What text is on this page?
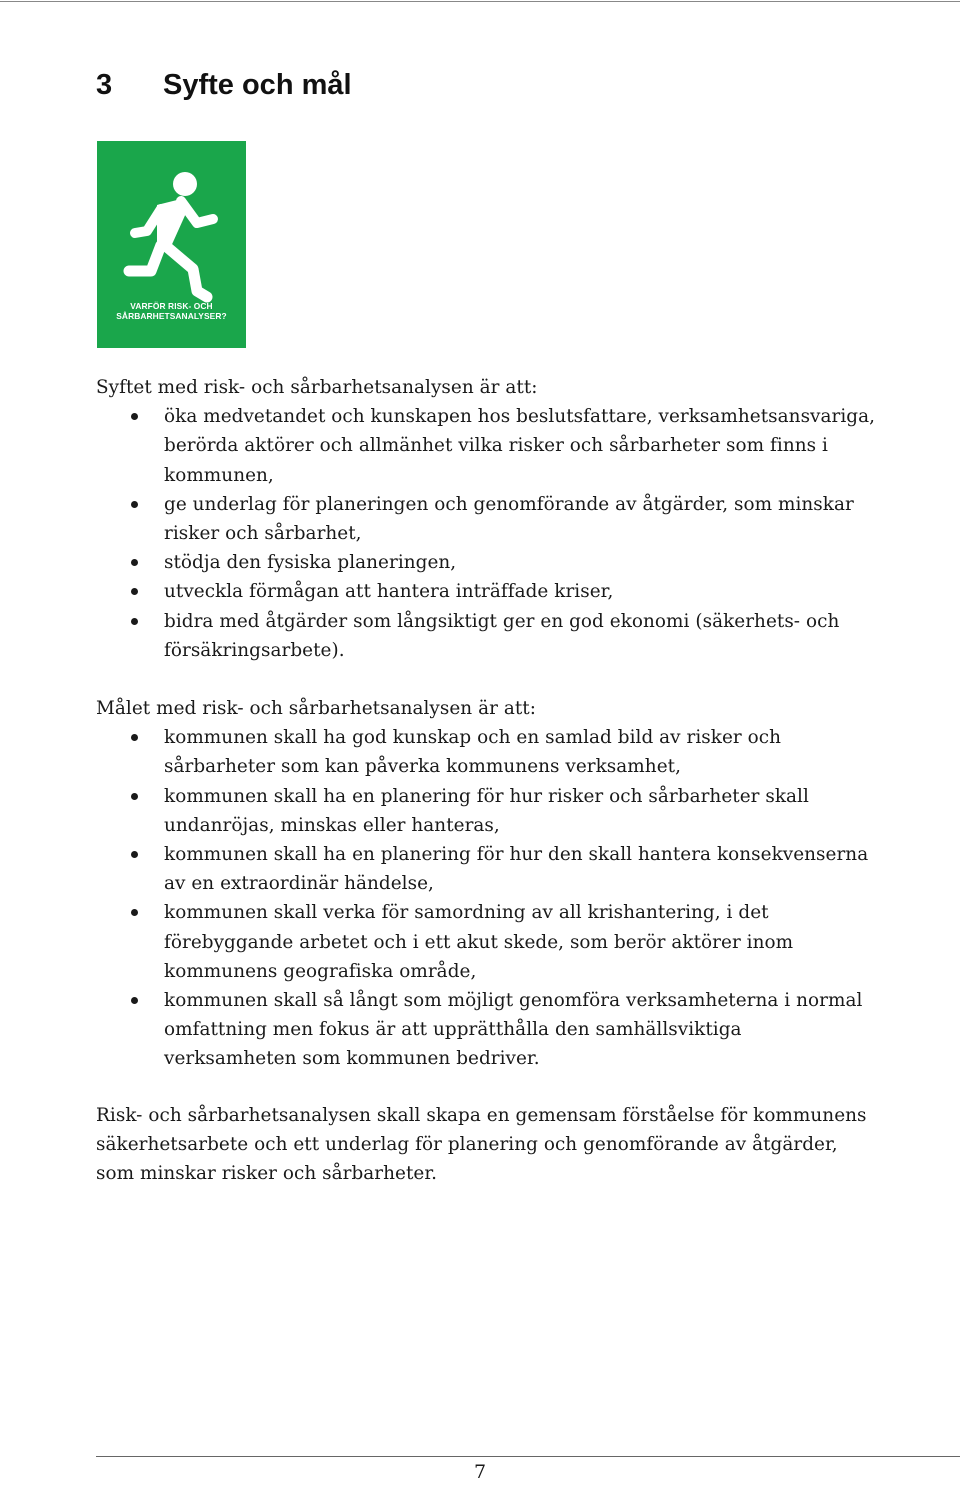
3 Syfte och mål
VARFÖR RISK- OCH
SÅRBARHETSANALYSER?

Syftet med risk- och sårbarhetsanalysen är att:

öka medvetandet och kunskapen hos beslutsfattare, verksamhetsansvariga, berörda aktörer och allmänhet vilka risker och sårbarheter som finns i kommunen,
ge underlag för planeringen och genomförande av åtgärder, som minskar risker och sårbarhet,
stödja den fysiska planeringen,
utveckla förmågan att hantera inträffade kriser,
bidra med åtgärder som långsiktigt ger en god ekonomi (säkerhets- och försäkringsarbete).

Målet med risk- och sårbarhetsanalysen är att:

kommunen skall ha god kunskap och en samlad bild av risker och sårbarheter som kan påverka kommunens verksamhet,
kommunen skall ha en planering för hur risker och sårbarheter skall undanröjas, minskas eller hanteras,
kommunen skall ha en planering för hur den skall hantera konsekvenserna av en extraordinär händelse,
kommunen skall verka för samordning av all krishantering, i det förebyggande arbetet och i ett akut skede, som berör aktörer inom kommunens geografiska område,
kommunen skall så långt som möjligt genomföra verksamheterna i normal omfattning men fokus är att upprätthålla den samhällsviktiga verksamheten som kommunen bedriver.

Risk- och sårbarhetsanalysen skall skapa en gemensam förståelse för kommunens säkerhetsarbete och ett underlag för planering och genomförande av åtgärder, som minskar risker och sårbarheter.

7
